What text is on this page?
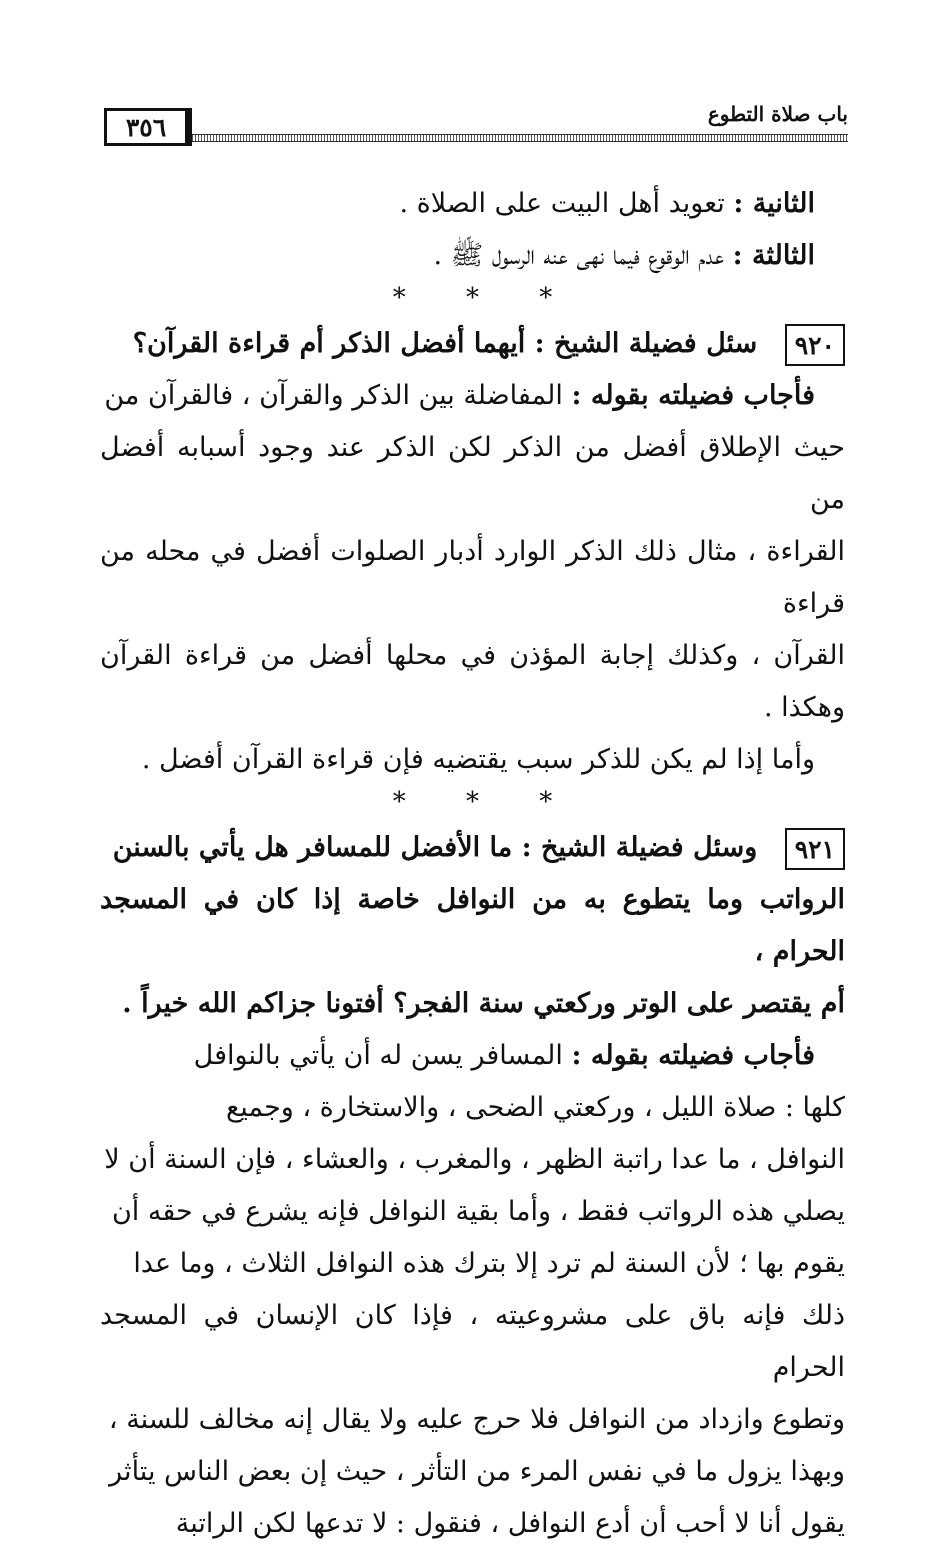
٣٥٦	باب صلاة التطوع
الثانية : تعويد أهل البيت على الصلاة .
الثالثة : عدم الوقوع فيما نهى عنه الرسول ﷺ .
* * *
٩٢٠ سئل فضيلة الشيخ : أيهما أفضل الذكر أم قراءة القرآن؟
فأجاب فضيلته بقوله : المفاضلة بين الذكر والقرآن ، فالقرآن من
حيث الإطلاق أفضل من الذكر لكن الذكر عند وجود أسبابه أفضل من
القراءة ، مثال ذلك الذكر الوارد أدبار الصلوات أفضل في محله من قراءة
القرآن ، وكذلك إجابة المؤذن في محلها أفضل من قراءة القرآن وهكذا .
وأما إذا لم يكن للذكر سبب يقتضيه فإن قراءة القرآن أفضل .
* * *
٩٢١ وسئل فضيلة الشيخ : ما الأفضل للمسافر هل يأتي بالسنن
الرواتب وما يتطوع به من النوافل خاصة إذا كان في المسجد الحرام ،
أم يقتصر على الوتر وركعتي سنة الفجر؟ أفتونا جزاكم الله خيراً .
فأجاب فضيلته بقوله : المسافر يسن له أن يأتي بالنوافل
كلها : صلاة الليل ، وركعتي الضحى ، والاستخارة ، وجميع
النوافل ، ما عدا راتبة الظهر ، والمغرب ، والعشاء ، فإن السنة أن لا
يصلي هذه الرواتب فقط ، وأما بقية النوافل فإنه يشرع في حقه أن
يقوم بها ؛ لأن السنة لم ترد إلا بترك هذه النوافل الثلاث ، وما عدا
ذلك فإنه باق على مشروعيته ، فإذا كان الإنسان في المسجد الحرام
وتطوع وازداد من النوافل فلا حرج عليه ولا يقال إنه مخالف للسنة ،
وبهذا يزول ما في نفس المرء من التأثر ، حيث إن بعض الناس يتأثر
يقول أنا لا أحب أن أدع النوافل ، فنقول : لا تدعها لكن الراتبة
